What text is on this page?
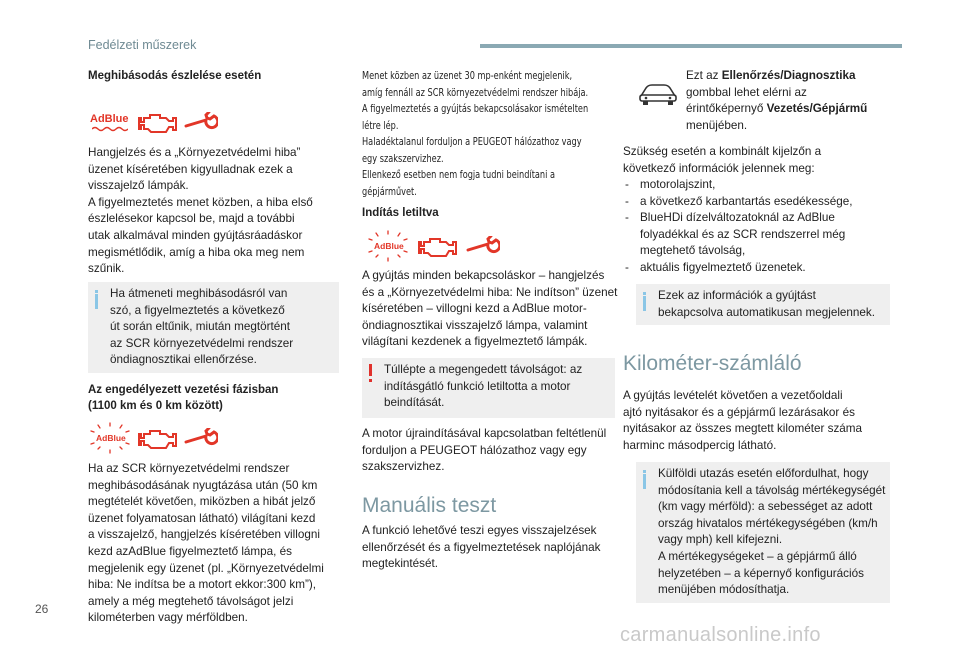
Fedélzeti műszerek
Meghibásodás észlelése esetén
AdBlue
Hangjelzés és a „Környezetvédelmi hiba”
üzenet kíséretében kigyulladnak ezek a
visszajelző lámpák.
A figyelmeztetés menet közben, a hiba első
észlelésekor kapcsol be, majd a további
utak alkalmával minden gyújtásráadáskor
megismétlődik, amíg a hiba oka meg nem
szűnik.
Ha átmeneti meghibásodásról van
szó, a figyelmeztetés a következő
út során eltűnik, miután megtörtént
az SCR környezetvédelmi rendszer
öndiagnosztikai ellenőrzése.
Az engedélyezett vezetési fázisban
(1100 km és 0 km között)
AdBlue
Ha az SCR környezetvédelmi rendszer
meghibásodásának nyugtázása után (50 km
megtételét követően, miközben a hibát jelző
üzenet folyamatosan látható) világítani kezd
a visszajelző, hangjelzés kíséretében villogni
kezd azAdBlue figyelmeztető lámpa, és
megjelenik egy üzenet (pl. „Környezetvédelmi
hiba: Ne indítsa be a motort ekkor:300 km”),
amely a még megtehető távolságot jelzi
kilométerben vagy mérföldben.
Menet közben az üzenet 30 mp-enként megjelenik,
amíg fennáll az SCR környezetvédelmi rendszer hibája.
A figyelmeztetés a gyújtás bekapcsolásakor ismételten
létre lép.
Haladéktalanul forduljon a PEUGEOT hálózathoz vagy
egy szakszervizhez.
Ellenkező esetben nem fogja tudni beindítani a
gépjárművet.
Indítás letiltva
AdBlue
A gyújtás minden bekapcsoláskor – hangjelzés
és a „Környezetvédelmi hiba: Ne indítson” üzenet
kíséretében – villogni kezd a AdBlue motor-
öndiagnosztikai visszajelző lámpa, valamint
világítani kezdenek a figyelmeztető lámpák.
Túllépte a megengedett távolságot: az
indításgátló funkció letiltotta a motor
beindítását.
A motor újraindításával kapcsolatban feltétlenül
forduljon a PEUGEOT hálózathoz vagy egy
szakszervizhez.
Manuális teszt
A funkció lehetővé teszi egyes visszajelzések
ellenőrzését és a figyelmeztetések naplójának
megtekintését.
Ezt az Ellenőrzés/Diagnosztika
gombbal lehet elérni az
érintőképernyő Vezetés/Gépjármű
menüjében.
Szükség esetén a kombinált kijelzőn a
következő információk jelennek meg:
- motorolajszint,
- a következő karbantartás esedékessége,
- BlueHDi dízelváltozatoknál az AdBlue
folyadékkal és az SCR rendszerrel még
megtehető távolság,
- aktuális figyelmeztető üzenetek.
Ezek az információk a gyújtást
bekapcsolva automatikusan megjelennek.
Kilométer-számláló
A gyújtás levételét követően a vezetőoldali
ajtó nyitásakor és a gépjármű lezárásakor és
nyitásakor az összes megtett kilométer száma
harminc másodpercig látható.
Külföldi utazás esetén előfordulhat, hogy
módosítania kell a távolság mértékegységét
(km vagy mérföld): a sebességet az adott
ország hivatalos mértékegységében (km/h
vagy mph) kell kifejezni.
A mértékegységeket – a gépjármű álló
helyzetében – a képernyő konfigurációs
menüjében módosíthatja.
26
carmanualsonline.info
